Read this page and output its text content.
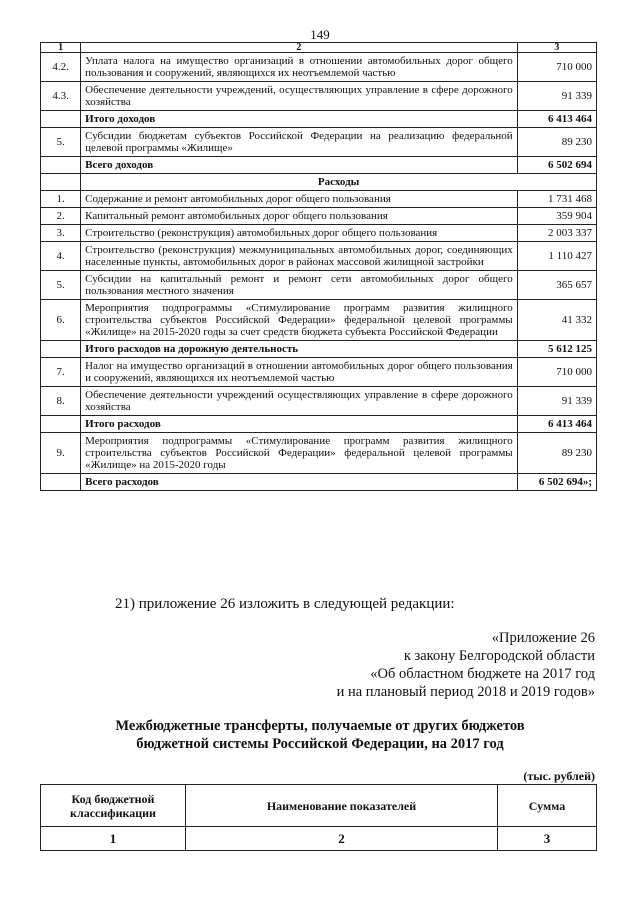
149
1	2	3
4.2.	Уплата налога на имущество организаций в отношении автомобильных дорог общего пользования и сооружений, являющихся их неотъемлемой частью	710 000
4.3.	Обеспечение деятельности учреждений, осуществляющих управление в сфере дорожного хозяйства	91 339
	Итого доходов	6 413 464
5.	Субсидии бюджетам субъектов Российской Федерации на реализацию федеральной целевой программы «Жилище»	89 230
	Всего доходов	6 502 694
	Расходы	
1.	Содержание и ремонт автомобильных дорог общего пользования	1 731 468
2.	Капитальный ремонт автомобильных дорог общего пользования	359 904
3.	Строительство (реконструкция) автомобильных дорог общего пользования	2 003 337
4.	Строительство (реконструкция) межмуниципальных автомобильных дорог, соединяющих населенные пункты, автомобильных дорог в районах массовой жилищной застройки	1 110 427
5.	Субсидии на капитальный ремонт и ремонт сети автомобильных дорог общего пользования местного значения	365 657
6.	Мероприятия подпрограммы «Стимулирование программ развития жилищного строительства субъектов Российской Федерации» федеральной целевой программы «Жилище» на 2015-2020 годы за счет средств бюджета субъекта Российской Федерации	41 332
	Итого расходов на дорожную деятельность	5 612 125
7.	Налог на имущество организаций в отношении автомобильных дорог общего пользования и сооружений, являющихся их неотъемлемой частью	710 000
8.	Обеспечение деятельности учреждений осуществляющих управление в сфере дорожного хозяйства	91 339
	Итого расходов	6 413 464
9.	Мероприятия подпрограммы «Стимулирование программ развития жилищного строительства субъектов Российской Федерации» федеральной целевой программы «Жилище» на 2015-2020 годы	89 230
	Всего расходов	6 502 694»;
21) приложение 26 изложить в следующей редакции:
«Приложение 26
к закону Белгородской области
«Об областном бюджете на 2017 год
и на плановый период 2018 и 2019 годов»
Межбюджетные трансферты, получаемые от других бюджетов
бюджетной системы Российской Федерации, на 2017 год
(тыс. рублей)
Код бюджетной классификации	Наименование показателей	Сумма
1	2	3
